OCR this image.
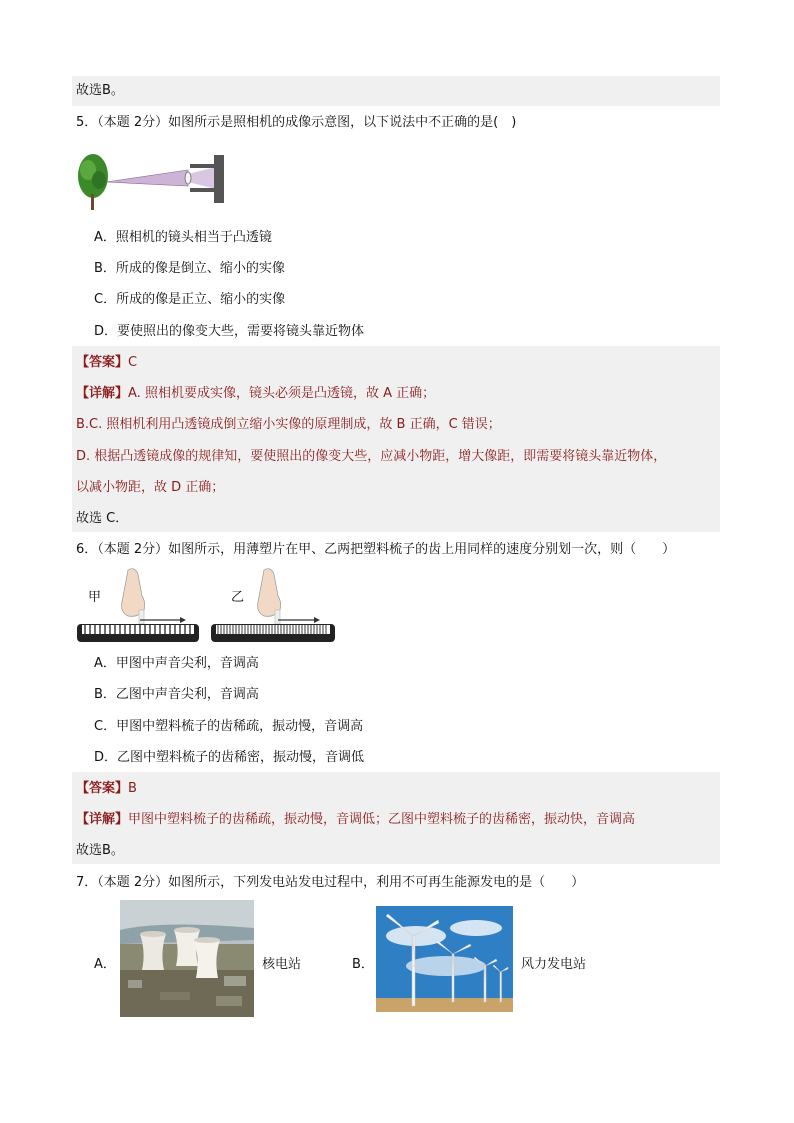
故选B。
5．（本题 2分）如图所示是照相机的成像示意图，以下说法中不正确的是(　)
A．照相机的镜头相当于凸透镜
B．所成的像是倒立、缩小的实像
C．所成的像是正立、缩小的实像
D．要使照出的像变大些，需要将镜头靠近物体
【答案】C
【详解】A. 照相机要成实像，镜头必须是凸透镜，故 A 正确；
B.C. 照相机利用凸透镜成倒立缩小实像的原理制成，故 B 正确，C 错误；
D. 根据凸透镜成像的规律知，要使照出的像变大些，应减小物距，增大像距，即需要将镜头靠近物体，
以减小物距，故 D 正确；
故选 C．
6．（本题 2分）如图所示，用薄塑片在甲、乙两把塑料梳子的齿上用同样的速度分别划一次，则（　　）
甲	乙
A．甲图中声音尖利，音调高
B．乙图中声音尖利，音调高
C．甲图中塑料梳子的齿稀疏，振动慢，音调高
D．乙图中塑料梳子的齿稀密，振动慢，音调低
【答案】B
【详解】甲图中塑料梳子的齿稀疏，振动慢，音调低；乙图中塑料梳子的齿稀密，振动快，音调高
故选B。
7．（本题 2分）如图所示，下列发电站发电过程中，利用不可再生能源发电的是（　　）
A．	核电站	B．	风力发电站
